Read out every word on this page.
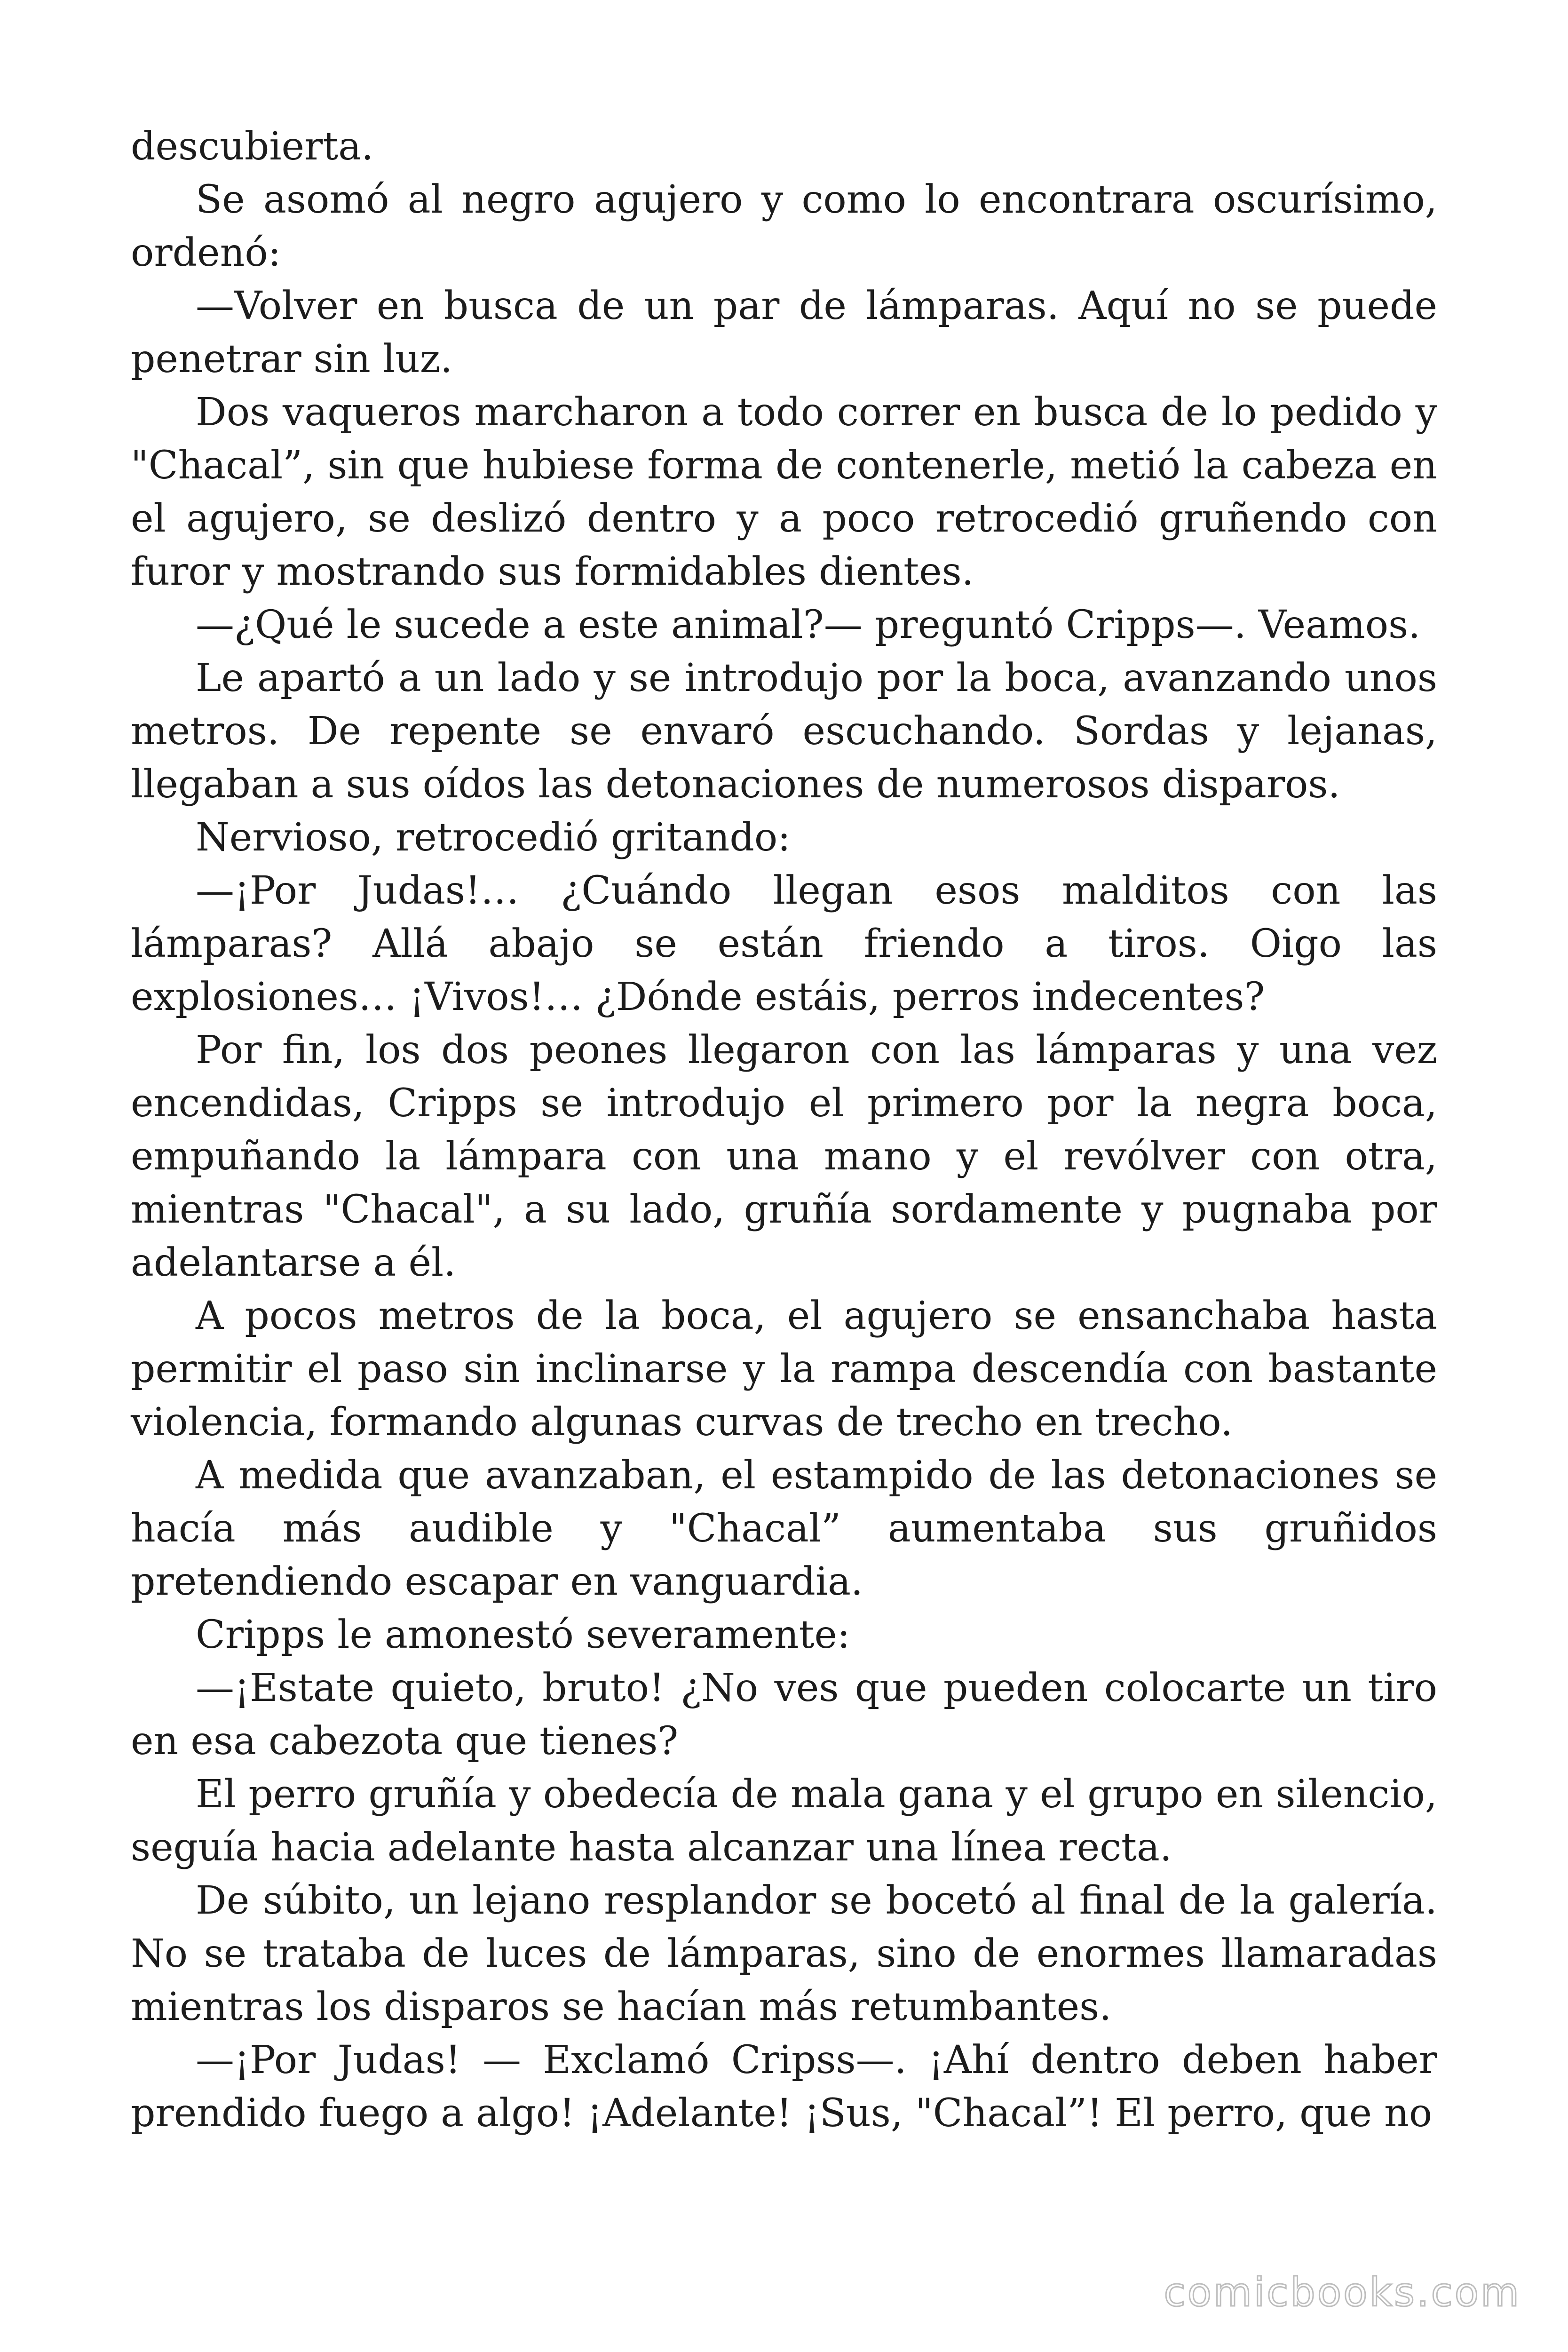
descubierta.

Se asomó al negro agujero y como lo encontrara oscurísimo, ordenó:

—Volver en busca de un par de lámparas. Aquí no se puede penetrar sin luz.

Dos vaqueros marcharon a todo correr en busca de lo pedido y "Chacal”, sin que hubiese forma de contenerle, metió la cabeza en el agujero, se deslizó dentro y a poco retrocedió gruñendo con furor y mostrando sus formidables dientes.

—¿Qué le sucede a este animal?— preguntó Cripps—. Veamos.

Le apartó a un lado y se introdujo por la boca, avanzando unos metros. De repente se envaró escuchando. Sordas y lejanas, llegaban a sus oídos las detonaciones de numerosos disparos.

Nervioso, retrocedió gritando:

—¡Por Judas!… ¿Cuándo llegan esos malditos con las lámparas? Allá abajo se están friendo a tiros. Oigo las explosiones… ¡Vivos!… ¿Dónde estáis, perros indecentes?

Por fin, los dos peones llegaron con las lámparas y una vez encendidas, Cripps se introdujo el primero por la negra boca, empuñando la lámpara con una mano y el revólver con otra, mientras "Chacal", a su lado, gruñía sordamente y pugnaba por adelantarse a él.

A pocos metros de la boca, el agujero se ensanchaba hasta permitir el paso sin inclinarse y la rampa descendía con bastante violencia, formando algunas curvas de trecho en trecho.

A medida que avanzaban, el estampido de las detonaciones se hacía más audible y "Chacal” aumentaba sus gruñidos pretendiendo escapar en vanguardia.

Cripps le amonestó severamente:

—¡Estate quieto, bruto! ¿No ves que pueden colocarte un tiro en esa cabezota que tienes?

El perro gruñía y obedecía de mala gana y el grupo en silencio, seguía hacia adelante hasta alcanzar una línea recta.

De súbito, un lejano resplandor se bocetó al final de la galería. No se trataba de luces de lámparas, sino de enormes llamaradas mientras los disparos se hacían más retumbantes.

—¡Por Judas! — Exclamó Cripss—. ¡Ahí dentro deben haber prendido fuego a algo! ¡Adelante! ¡Sus, "Chacal”! El perro, que no

comicbooks.com
